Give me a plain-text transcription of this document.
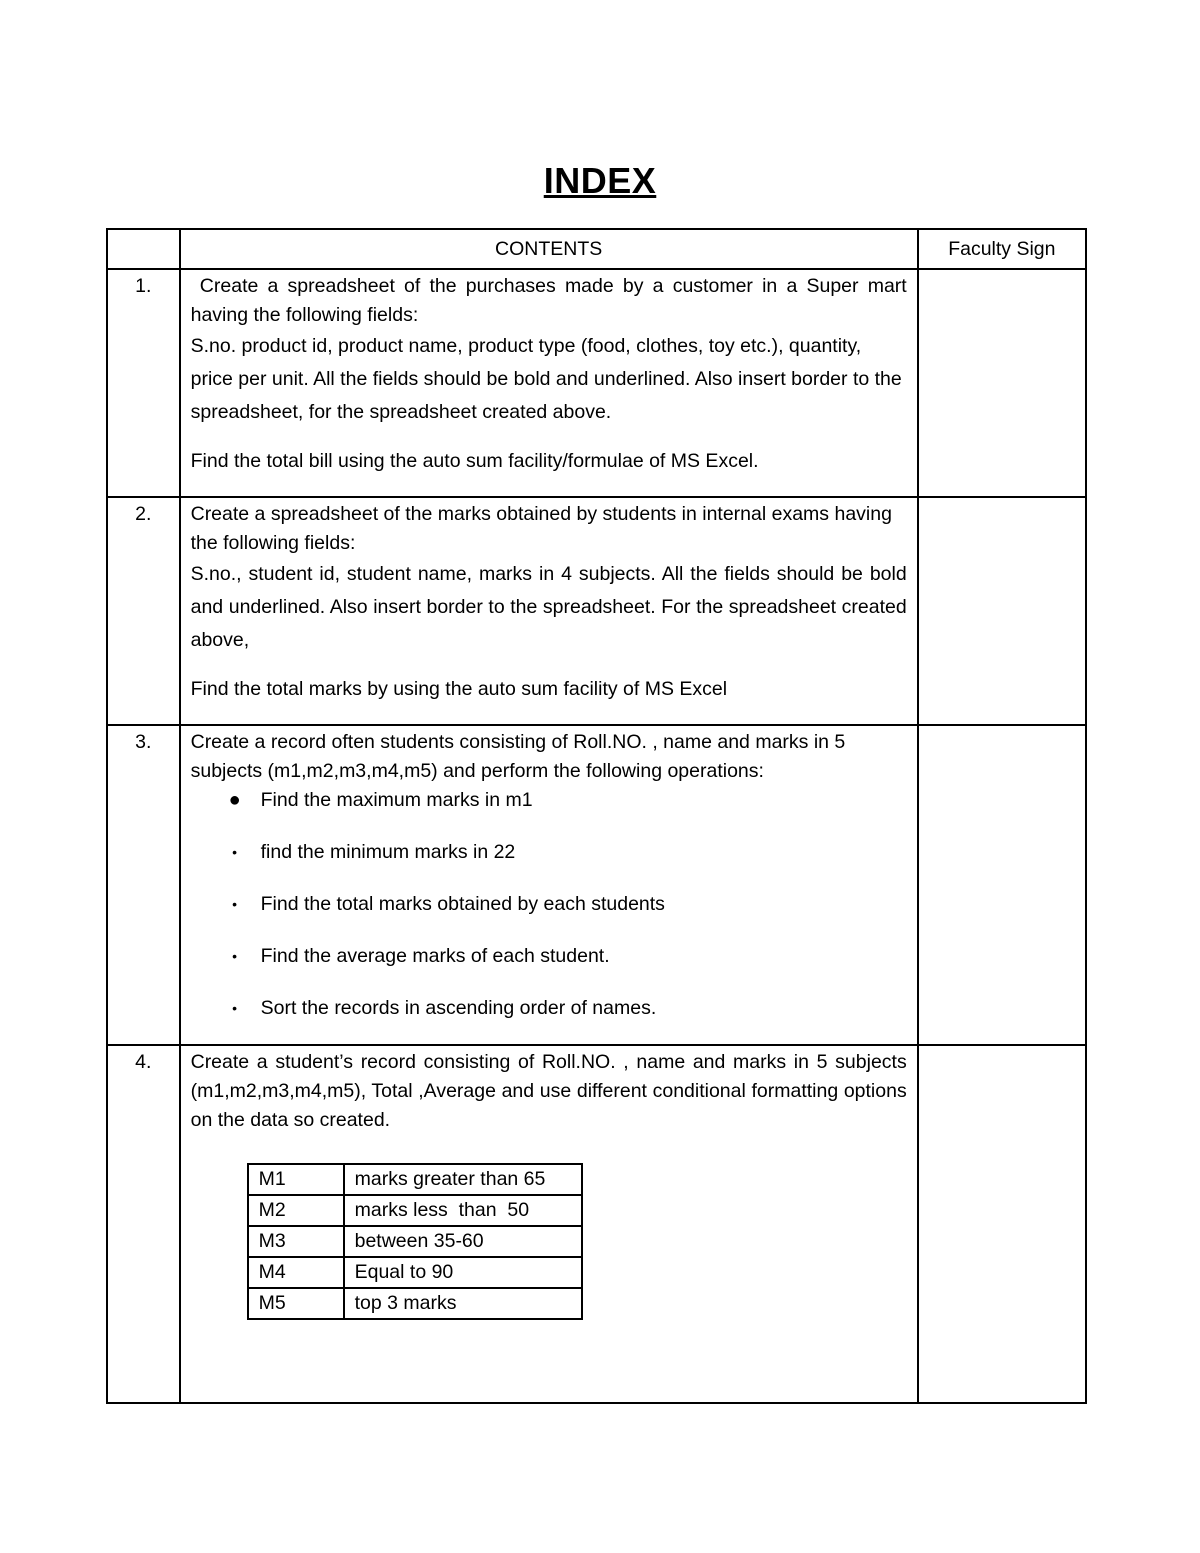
INDEX
	CONTENTS	Faculty Sign
1.	Create a spreadsheet of the purchases made by a customer in a Super mart having the following fields:

S.no. product id, product name, product type (food, clothes, toy etc.), quantity, price per unit. All the fields should be bold and underlined. Also insert border to the spreadsheet, for the spreadsheet created above.

Find the total bill using the auto sum facility/formulae of MS Excel.

2.	Create a spreadsheet of the marks obtained by students in internal exams having the following fields:

S.no., student id, student name, marks in 4 subjects. All the fields should be bold and underlined. Also insert border to the spreadsheet. For the spreadsheet created above,

Find the total marks by using the auto sum facility of MS Excel

3.	Create a record often students consisting of Roll.NO. , name and marks in 5 subjects (m1,m2,m3,m4,m5) and perform the following operations:

● Find the maximum marks in m1
•	find the minimum marks in 22
•	Find the total marks obtained by each students
•	Find the average marks of each student.
•	Sort the records in ascending order of names.

4.	Create a student’s record consisting of Roll.NO. , name and marks in 5 subjects (m1,m2,m3,m4,m5), Total ,Average and use different conditional formatting options on the data so created.

M1	marks greater than 65
M2	marks less  than  50
M3	between 35-60
M4	Equal to 90
M5	top 3 marks
